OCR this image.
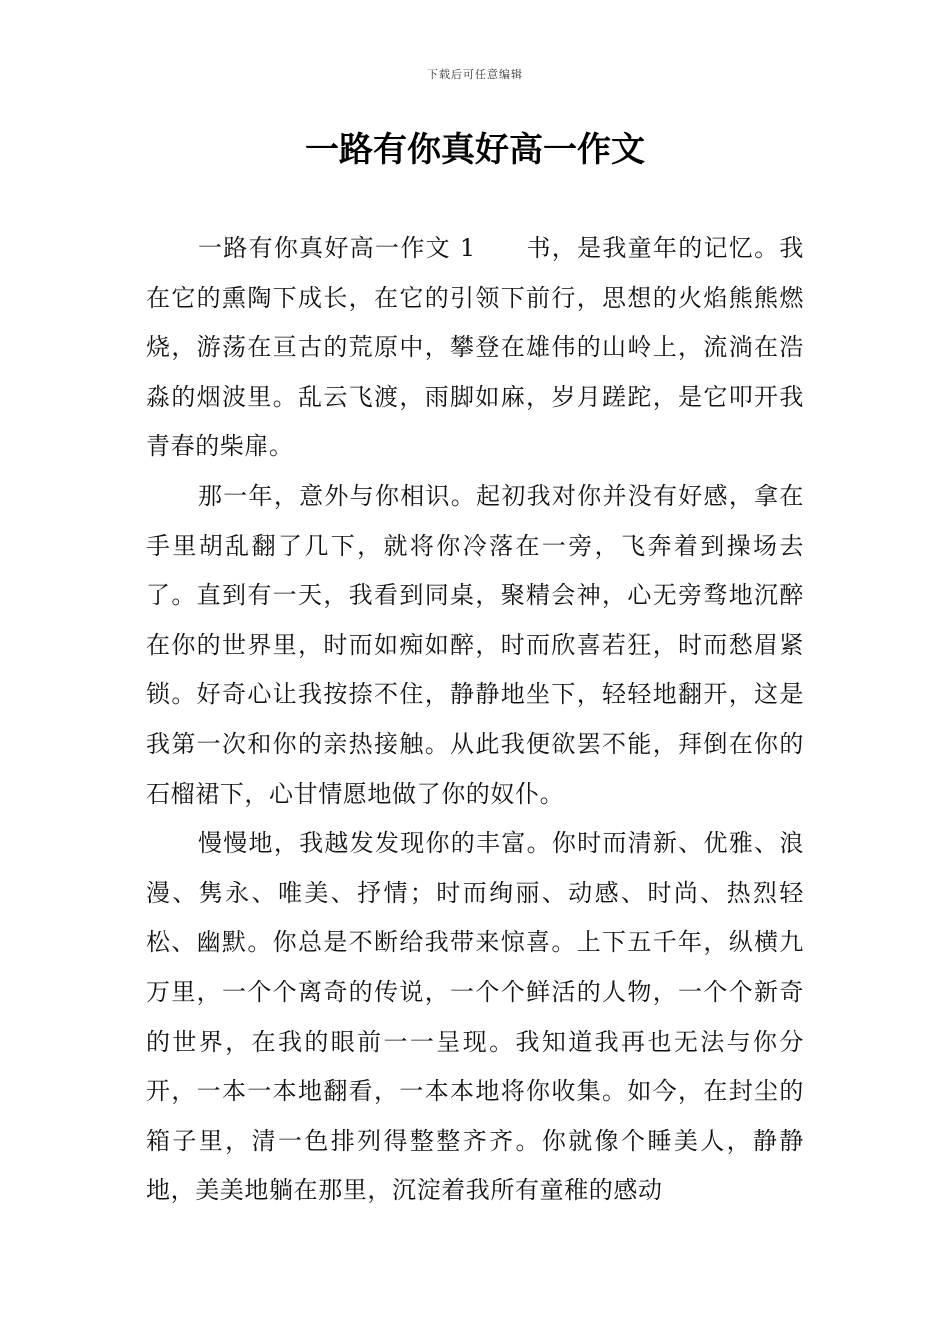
下载后可任意编辑
一路有你真好高一作文

一路有你真好高一作文 1 书，是我童年的记忆。我在它的熏陶下成长，在它的引领下前行，思想的火焰熊熊燃烧，游荡在亘古的荒原中，攀登在雄伟的山岭上，流淌在浩淼的烟波里。乱云飞渡，雨脚如麻，岁月蹉跎，是它叩开我青春的柴扉。

那一年，意外与你相识。起初我对你并没有好感，拿在手里胡乱翻了几下，就将你冷落在一旁，飞奔着到操场去了。直到有一天，我看到同桌，聚精会神，心无旁骛地沉醉在你的世界里，时而如痴如醉，时而欣喜若狂，时而愁眉紧锁。好奇心让我按捺不住，静静地坐下，轻轻地翻开，这是我第一次和你的亲热接触。从此我便欲罢不能，拜倒在你的石榴裙下，心甘情愿地做了你的奴仆。

慢慢地，我越发发现你的丰富。你时而清新、优雅、浪漫、隽永、唯美、抒情；时而绚丽、动感、时尚、热烈轻松、幽默。你总是不断给我带来惊喜。上下五千年，纵横九万里，一个个离奇的传说，一个个鲜活的人物，一个个新奇的世界，在我的眼前一一呈现。我知道我再也无法与你分开，一本一本地翻看，一本本地将你收集。如今，在封尘的箱子里，清一色排列得整整齐齐。你就像个睡美人，静静地，美美地躺在那里，沉淀着我所有童稚的感动
